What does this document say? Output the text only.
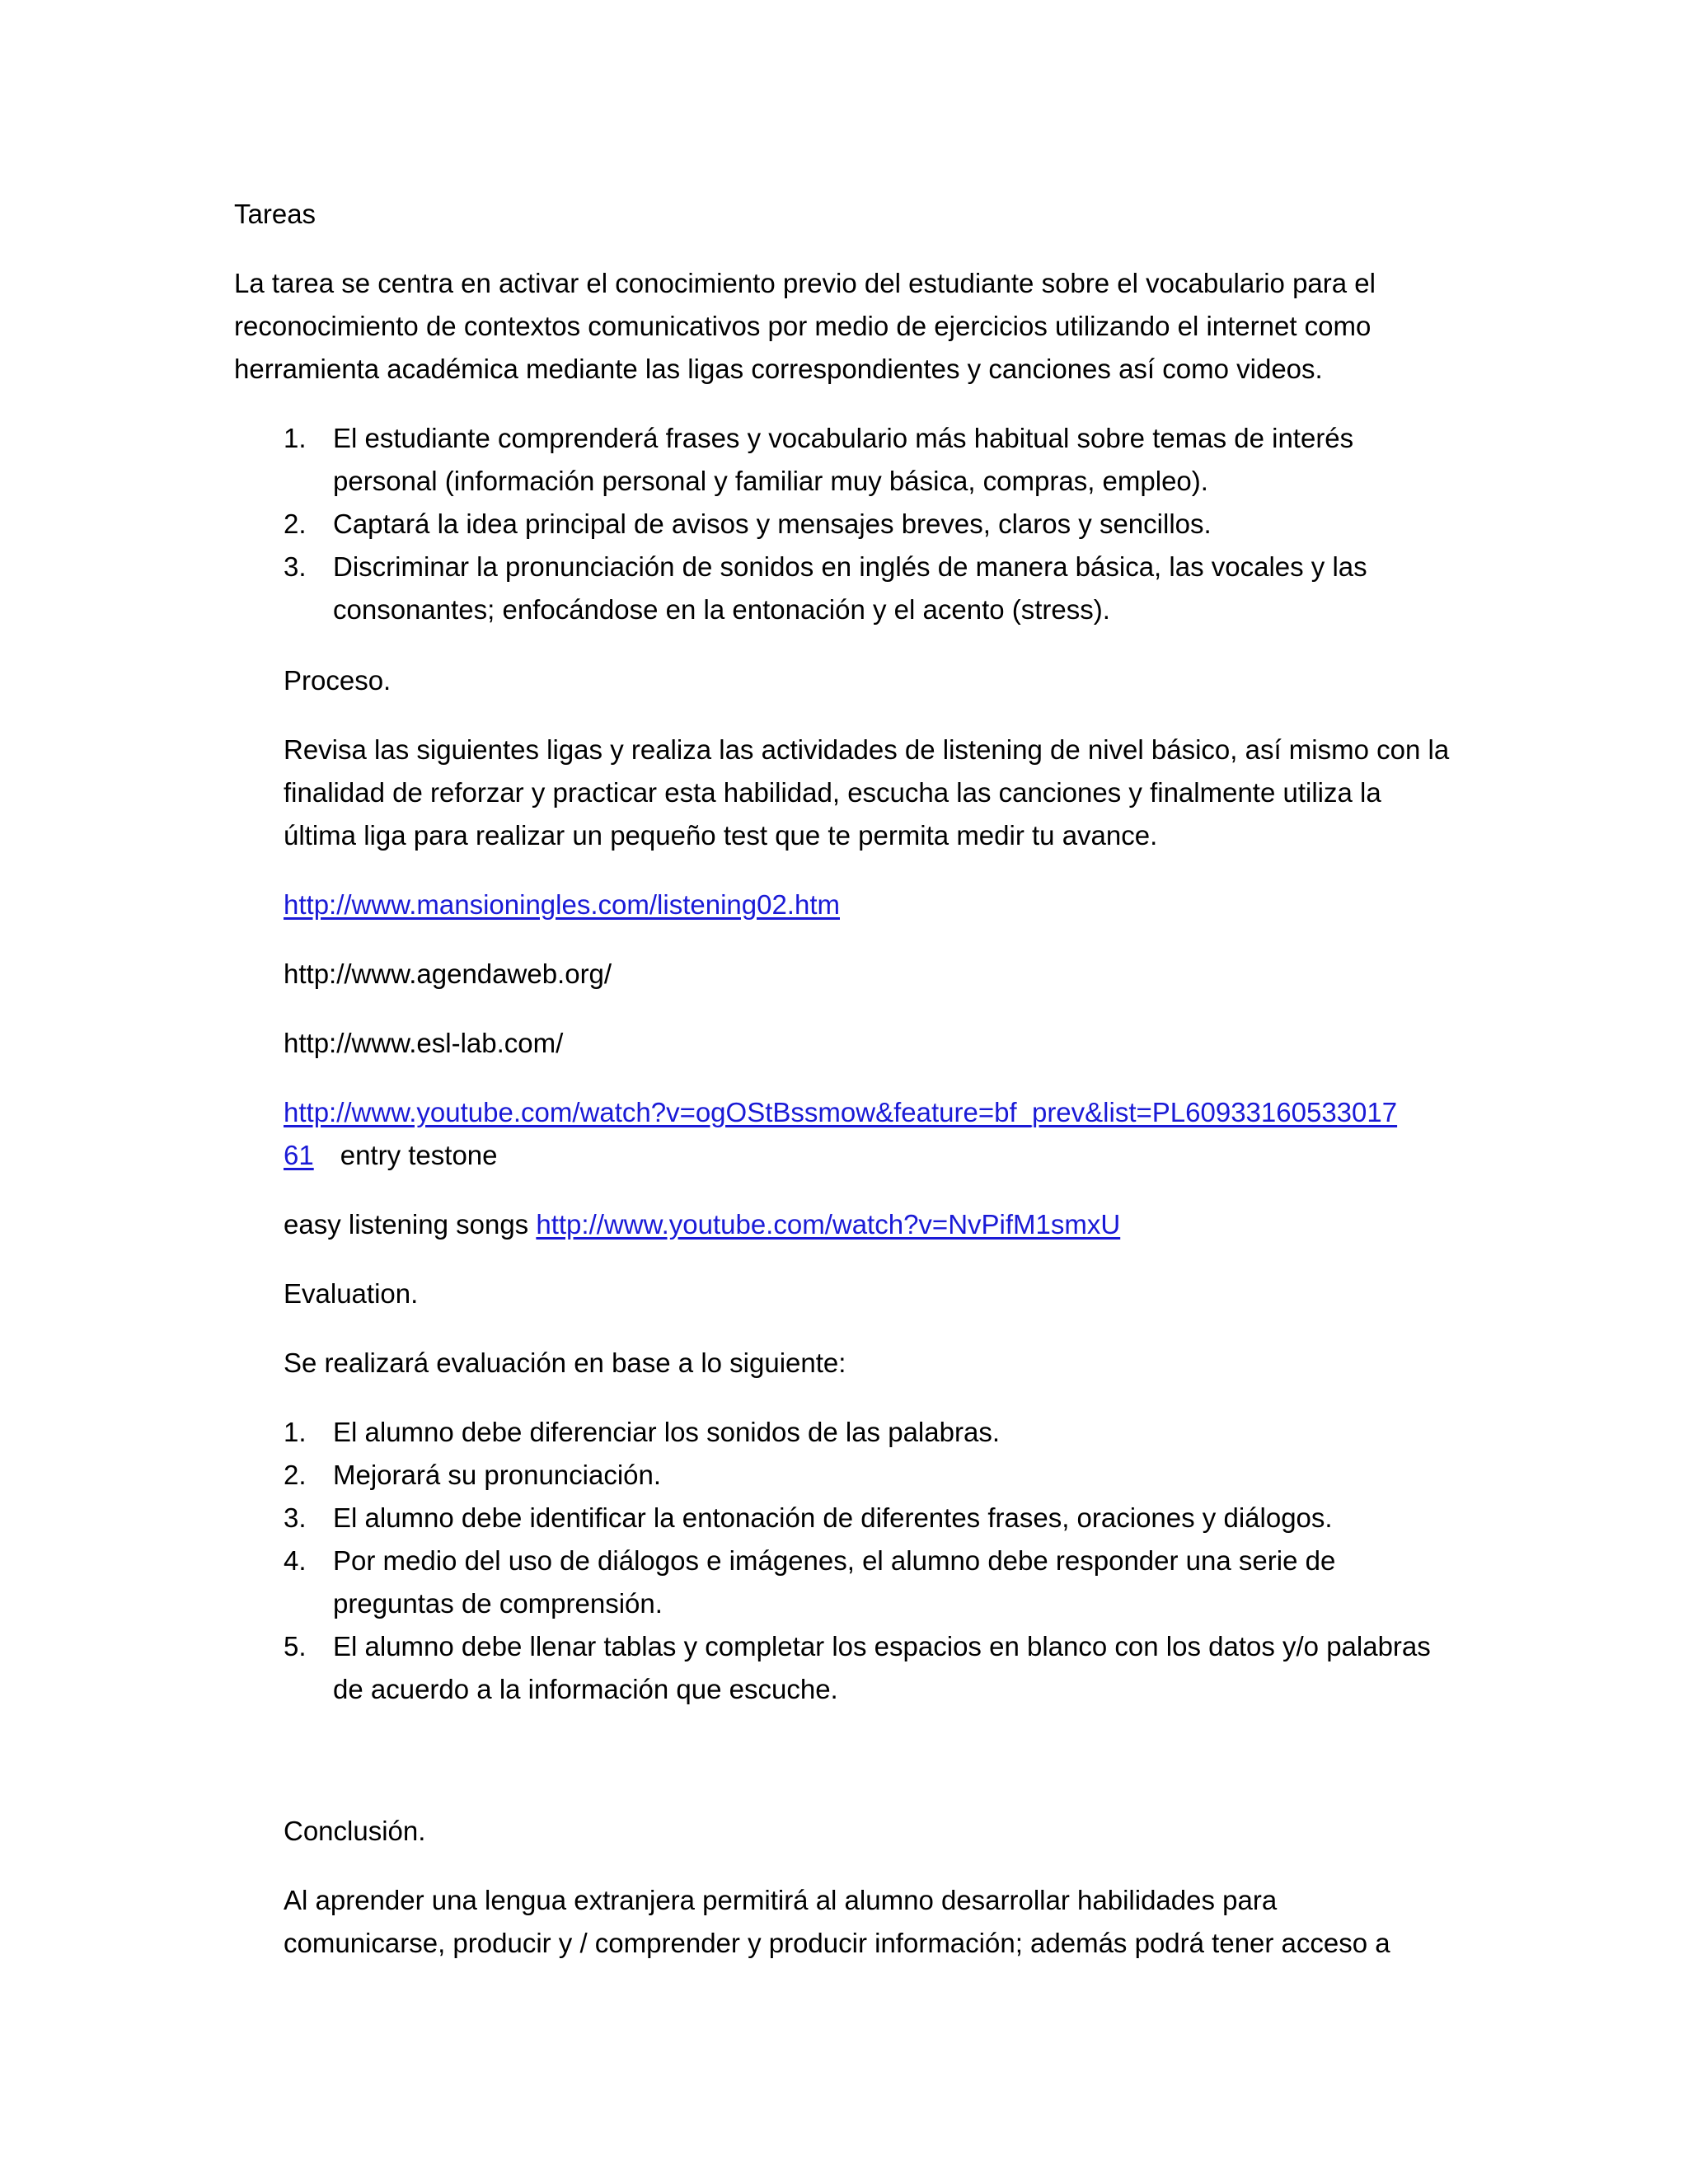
Tareas
La tarea se centra en activar el conocimiento previo del estudiante sobre el vocabulario para el
reconocimiento de contextos comunicativos por medio de ejercicios utilizando el internet como
herramienta académica mediante las ligas correspondientes y canciones así como videos.
1. El estudiante comprenderá frases y vocabulario más habitual sobre temas de interés
personal (información personal y familiar muy básica, compras, empleo).
2. Captará la idea principal de avisos y mensajes breves, claros y sencillos.
3. Discriminar la pronunciación de sonidos en inglés de manera básica, las vocales y las
consonantes; enfocándose en la entonación y el acento (stress).
Proceso.
Revisa las siguientes ligas y realiza las actividades de listening de nivel básico, así mismo con la
finalidad de reforzar y practicar esta habilidad, escucha las canciones y finalmente utiliza la
última liga para realizar un pequeño test que te permita medir tu avance.
http://www.mansioningles.com/listening02.htm
http://www.agendaweb.org/
http://www.esl-lab.com/
http://www.youtube.com/watch?v=ogOStBssmow&feature=bf_prev&list=PL60933160533017
61 entry testone
easy listening songs http://www.youtube.com/watch?v=NvPifM1smxU
Evaluation.
Se realizará evaluación en base a lo siguiente:
1. El alumno debe diferenciar los sonidos de las palabras.
2. Mejorará su pronunciación.
3. El alumno debe identificar la entonación de diferentes frases, oraciones y diálogos.
4. Por medio del uso de diálogos e imágenes, el alumno debe responder una serie de
preguntas de comprensión.
5. El alumno debe llenar tablas y completar los espacios en blanco con los datos y/o palabras
de acuerdo a la información que escuche.
Conclusión.
Al aprender una lengua extranjera permitirá al alumno desarrollar habilidades para
comunicarse, producir y / comprender y producir información; además podrá tener acceso a
